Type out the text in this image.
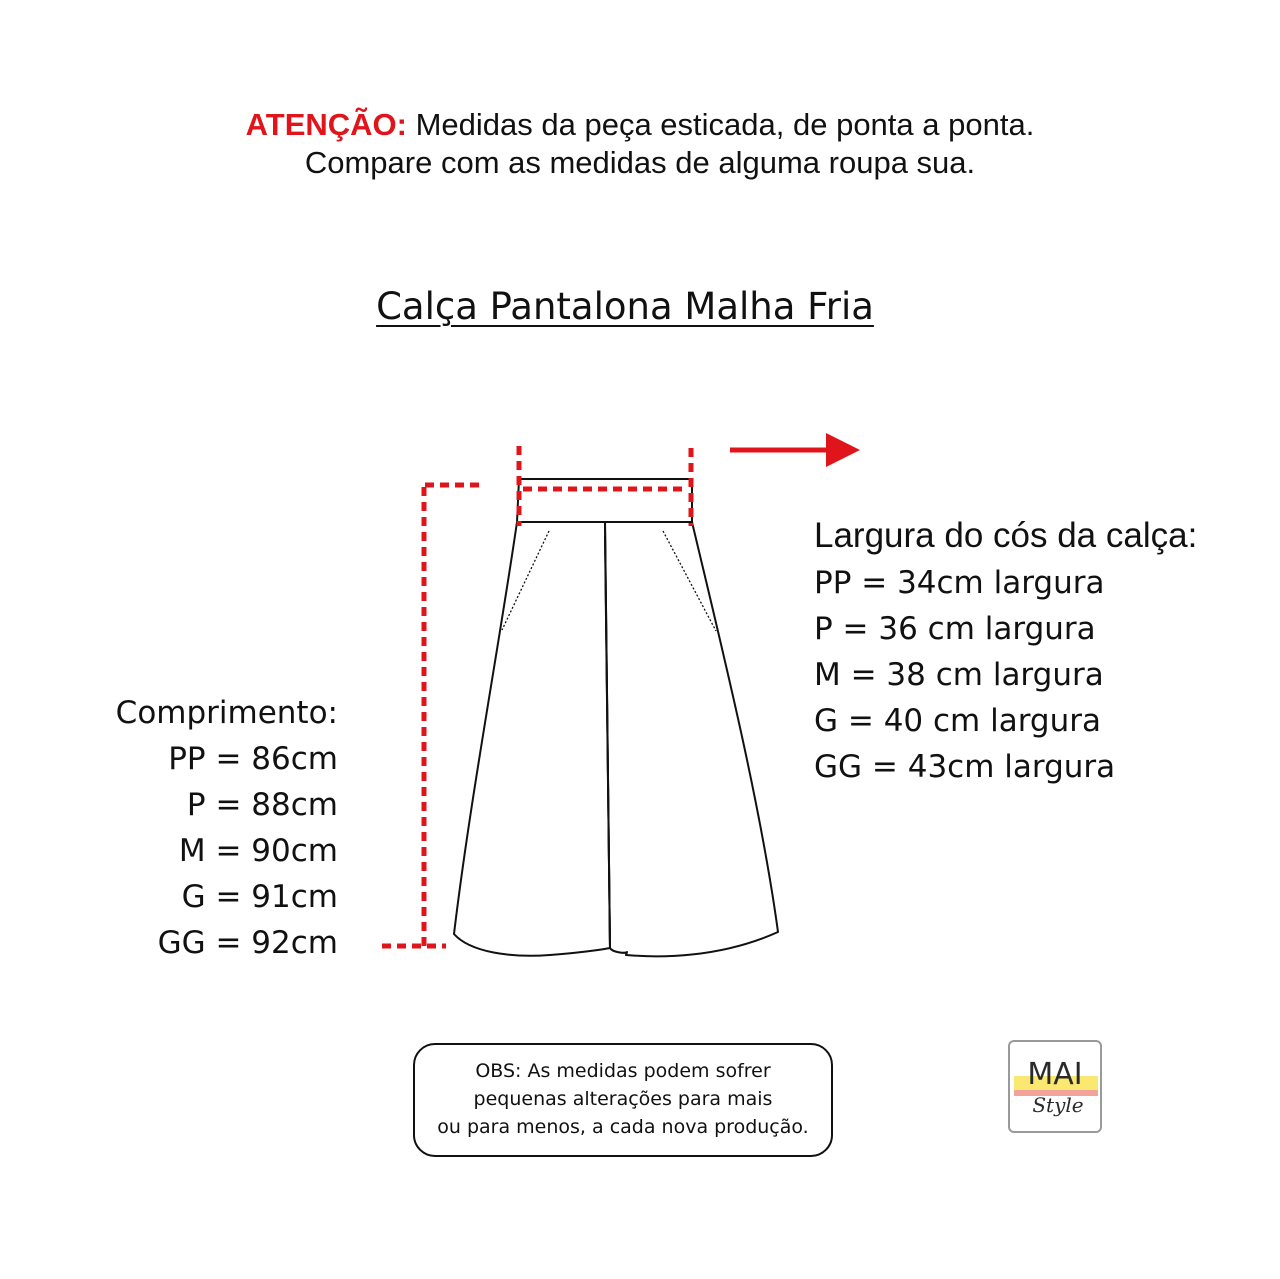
ATENÇÃO: Medidas da peça esticada, de ponta a ponta.
Compare com as medidas de alguma roupa sua.
Calça Pantalona Malha Fria
Comprimento:
PP = 86cm
P = 88cm
M = 90cm
G = 91cm
GG = 92cm
Largura do cós da calça:
PP = 34cm largura
P = 36 cm largura
M = 38 cm largura
G = 40 cm largura
GG = 43cm largura
OBS: As medidas podem sofrer
pequenas alterações para mais
ou para menos, a cada nova produção.
MAI
Style
